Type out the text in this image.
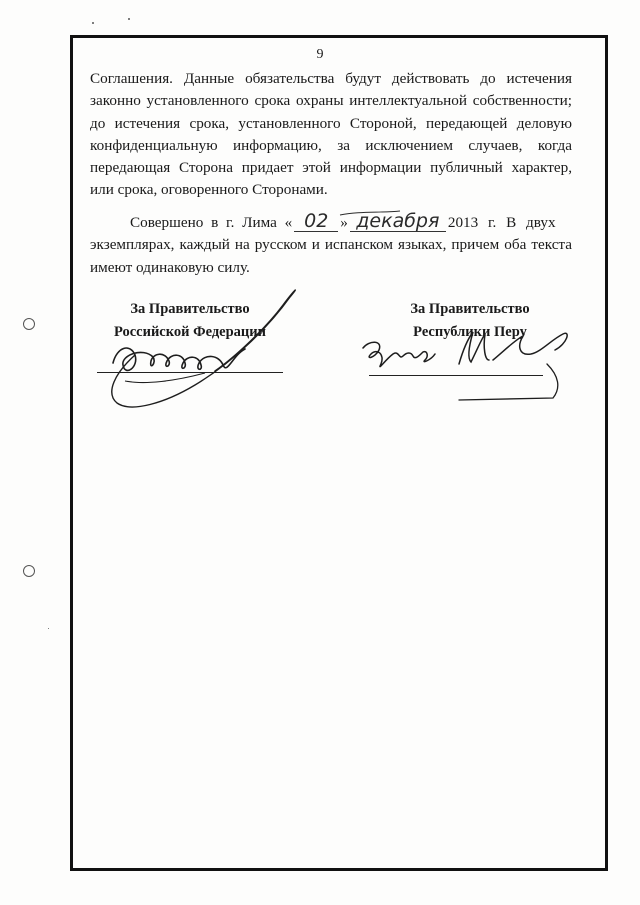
9
Соглашения. Данные обязательства будут действовать до истечения
законно установленного срока охраны интеллектуальной собственности;
до истечения срока, установленного Стороной, передающей деловую
конфиденциальную информацию, за исключением случаев, когда
передающая Сторона придает этой информации публичный характер,
или срока, оговоренного Сторонами.
Совершено в г. Лима « 02 » декабря 2013 г. В двух
экземплярах, каждый на русском и испанском языках, причем оба текста
имеют одинаковую силу.
За Правительство
Российской Федерации
За Правительство
Республики Перу
